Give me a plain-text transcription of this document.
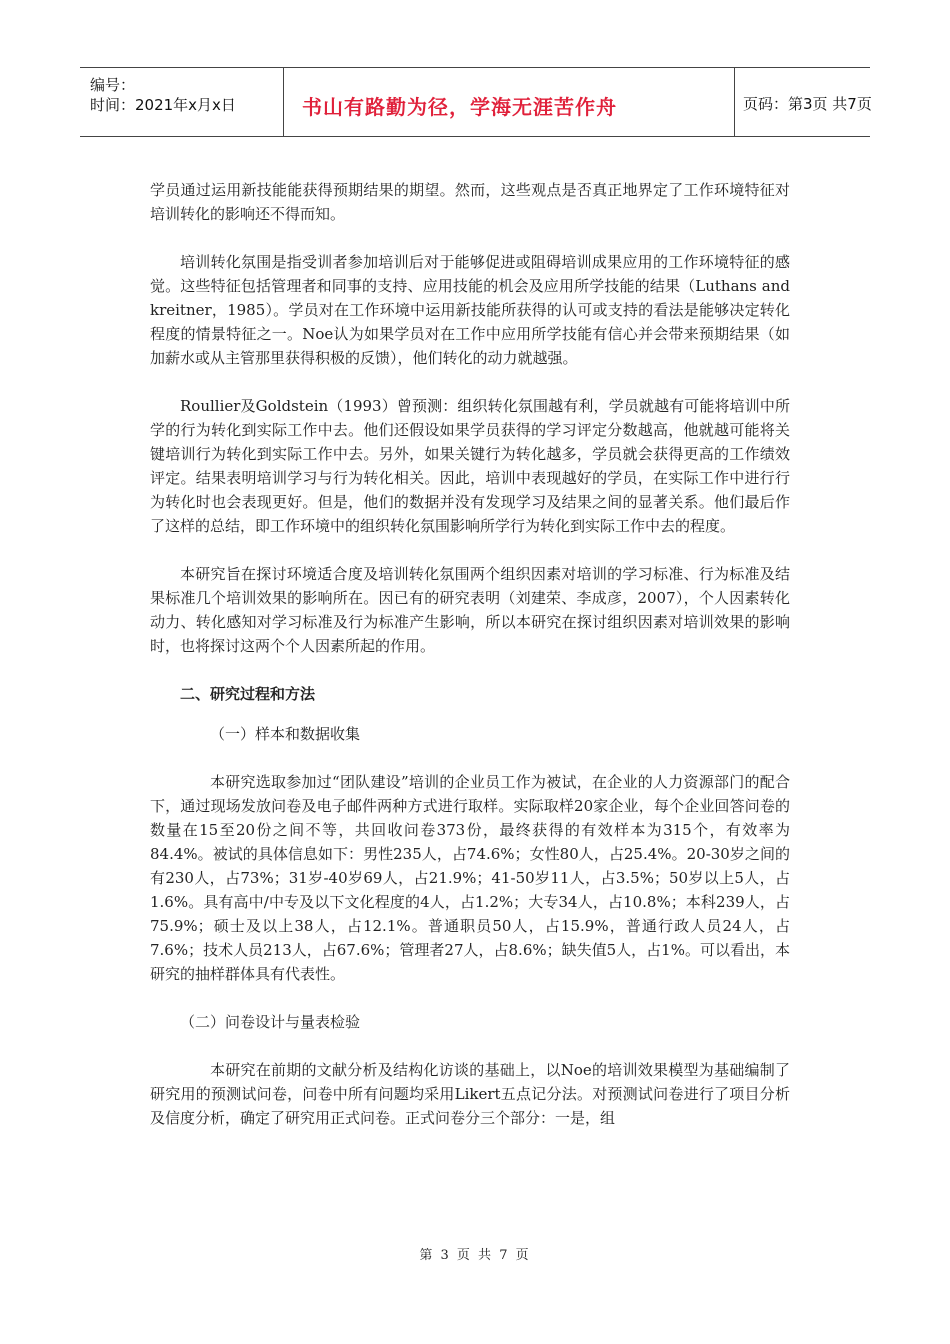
编号：
时间：2021年x月x日	书山有路勤为径，学海无涯苦作舟	页码：第3页 共7页

学员通过运用新技能能获得预期结果的期望。然而，这些观点是否真正地界定了工作环境特征对培训转化的影响还不得而知。

培训转化氛围是指受训者参加培训后对于能够促进或阻碍培训成果应用的工作环境特征的感觉。这些特征包括管理者和同事的支持、应用技能的机会及应用所学技能的结果（Luthans and kreitner，1985）。学员对在工作环境中运用新技能所获得的认可或支持的看法是能够决定转化程度的情景特征之一。Noe认为如果学员对在工作中应用所学技能有信心并会带来预期结果（如加薪水或从主管那里获得积极的反馈），他们转化的动力就越强。

Roullier及Goldstein（1993）曾预测：组织转化氛围越有利，学员就越有可能将培训中所学的行为转化到实际工作中去。他们还假设如果学员获得的学习评定分数越高，他就越可能将关键培训行为转化到实际工作中去。另外，如果关键行为转化越多，学员就会获得更高的工作绩效评定。结果表明培训学习与行为转化相关。因此，培训中表现越好的学员，在实际工作中进行行为转化时也会表现更好。但是，他们的数据并没有发现学习及结果之间的显著关系。他们最后作了这样的总结，即工作环境中的组织转化氛围影响所学行为转化到实际工作中去的程度。

本研究旨在探讨环境适合度及培训转化氛围两个组织因素对培训的学习标准、行为标准及结果标准几个培训效果的影响所在。因已有的研究表明（刘建荣、李成彦，2007），个人因素转化动力、转化感知对学习标准及行为标准产生影响，所以本研究在探讨组织因素对培训效果的影响时，也将探讨这两个个人因素所起的作用。

二、研究过程和方法

（一）样本和数据收集

本研究选取参加过“团队建设”培训的企业员工作为被试，在企业的人力资源部门的配合下，通过现场发放问卷及电子邮件两种方式进行取样。实际取样20家企业，每个企业回答问卷的数量在15至20份之间不等，共回收问卷373份，最终获得的有效样本为315个，有效率为84.4%。被试的具体信息如下：男性235人，占74.6%；女性80人，占25.4%。20-30岁之间的有230人，占73%；31岁-40岁69人，占21.9%；41-50岁11人，占3.5%；50岁以上5人，占1.6%。具有高中/中专及以下文化程度的4人，占1.2%；大专34人，占10.8%；本科239人，占75.9%；硕士及以上38人，占12.1%。普通职员50人，占15.9%，普通行政人员24人，占7.6%；技术人员213人，占67.6%；管理者27人，占8.6%；缺失值5人，占1%。可以看出，本研究的抽样群体具有代表性。

（二）问卷设计与量表检验

本研究在前期的文献分析及结构化访谈的基础上，以Noe的培训效果模型为基础编制了研究用的预测试问卷，问卷中所有问题均采用Likert五点记分法。对预测试问卷进行了项目分析及信度分析，确定了研究用正式问卷。正式问卷分三个部分：一是，组

第 3 页 共 7 页
